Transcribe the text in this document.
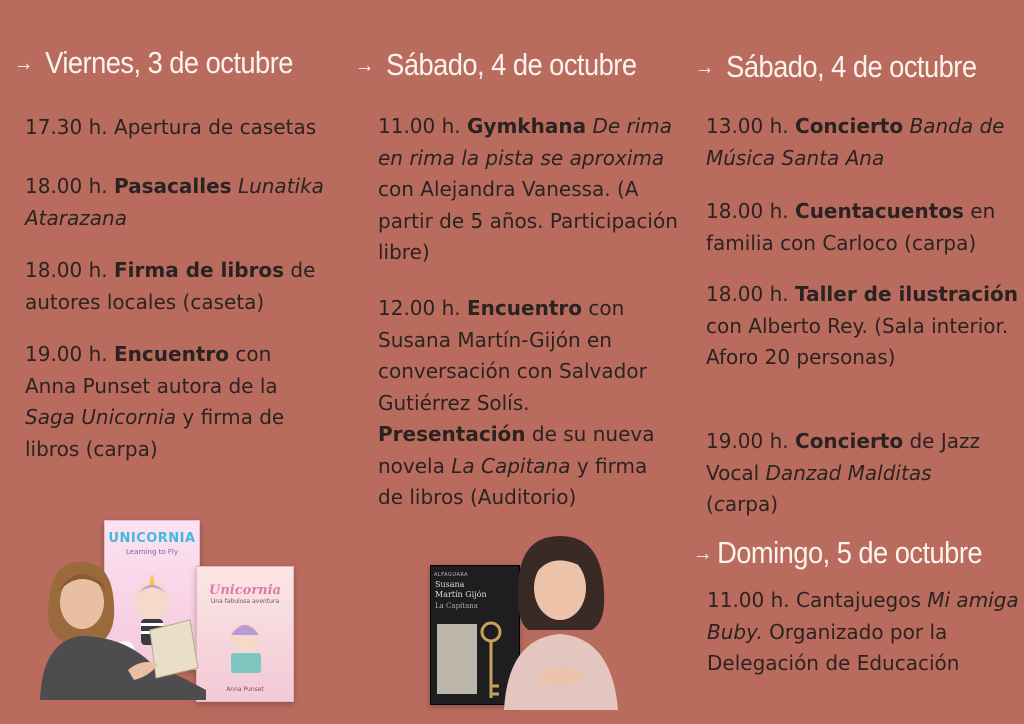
→ Viernes, 3 de octubre

17.30 h. Apertura de casetas

18.00 h. Pasacalles Lunatika Atarazana

18.00 h. Firma de libros de autores locales (caseta)

19.00 h. Encuentro con Anna Punset autora de la Saga Unicornia y firma de libros (carpa)

→ Sábado, 4 de octubre

11.00 h. Gymkhana De rima en rima la pista se aproxima con Alejandra Vanessa. (A partir de 5 años. Participación libre)

12.00 h. Encuentro con Susana Martín-Gijón en conversación con Salvador Gutiérrez Solís. Presentación de su nueva novela La Capitana y firma de libros (Auditorio)

→ Sábado, 4 de octubre

13.00 h. Concierto Banda de Música Santa Ana

18.00 h. Cuentacuentos en familia con Carloco (carpa)

18.00 h. Taller de ilustración con Alberto Rey. (Sala interior. Aforo 20 personas)

19.00 h. Concierto de Jazz Vocal Danzad Malditas (carpa)

→ Domingo, 5 de octubre

11.00 h. Cantajuegos Mi amiga Buby. Organizado por la Delegación de Educación

UNICORNIA
Learning to Fly
Unicornia
Una fabulosa aventura
Anna Punset
ALFAGUARA
Susana
Martín Gijón
La Capitana
